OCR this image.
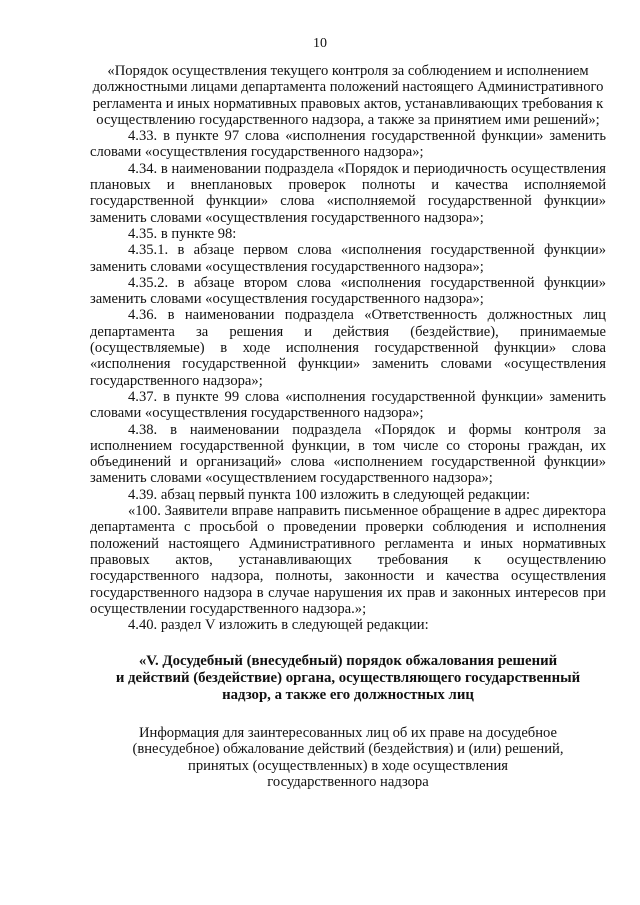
10

«Порядок осуществления текущего контроля за соблюдением и исполнением должностными лицами департамента положений настоящего Административного регламента и иных нормативных правовых актов, устанавливающих требования к осуществлению государственного надзора, а также за принятием ими решений»;

4.33. в пункте 97 слова «исполнения государственной функции» заменить словами «осуществления государственного надзора»;

4.34. в наименовании подраздела «Порядок и периодичность осуществления плановых и внеплановых проверок полноты и качества исполняемой государственной функции» слова «исполняемой государственной функции» заменить словами «осуществления государственного надзора»;

4.35. в пункте 98:

4.35.1. в абзаце первом слова «исполнения государственной функции» заменить словами «осуществления государственного надзора»;

4.35.2. в абзаце втором слова «исполнения государственной функции» заменить словами «осуществления государственного надзора»;

4.36. в наименовании подраздела «Ответственность должностных лиц департамента за решения и действия (бездействие), принимаемые (осуществляемые) в ходе исполнения государственной функции» слова «исполнения государственной функции» заменить словами «осуществления государственного надзора»;

4.37. в пункте 99 слова «исполнения государственной функции» заменить словами «осуществления государственного надзора»;

4.38. в наименовании подраздела «Порядок и формы контроля за исполнением государственной функции, в том числе со стороны граждан, их объединений и организаций» слова «исполнением государственной функции» заменить словами «осуществлением государственного надзора»;

4.39. абзац первый пункта 100 изложить в следующей редакции:

«100. Заявители вправе направить письменное обращение в адрес директора департамента с просьбой о проведении проверки соблюдения и исполнения положений настоящего Административного регламента и иных нормативных правовых актов, устанавливающих требования к осуществлению государственного надзора, полноты, законности и качества осуществления государственного надзора в случае нарушения их прав и законных интересов при осуществлении государственного надзора.»;

4.40. раздел V изложить в следующей редакции:

«V. Досудебный (внесудебный) порядок обжалования решений
и действий (бездействие) органа, осуществляющего государственный
надзор, а также его должностных лиц
Информация для заинтересованных лиц об их праве на досудебное
(внесудебное) обжалование действий (бездействия) и (или) решений,
принятых (осуществленных) в ходе осуществления
государственного надзора
